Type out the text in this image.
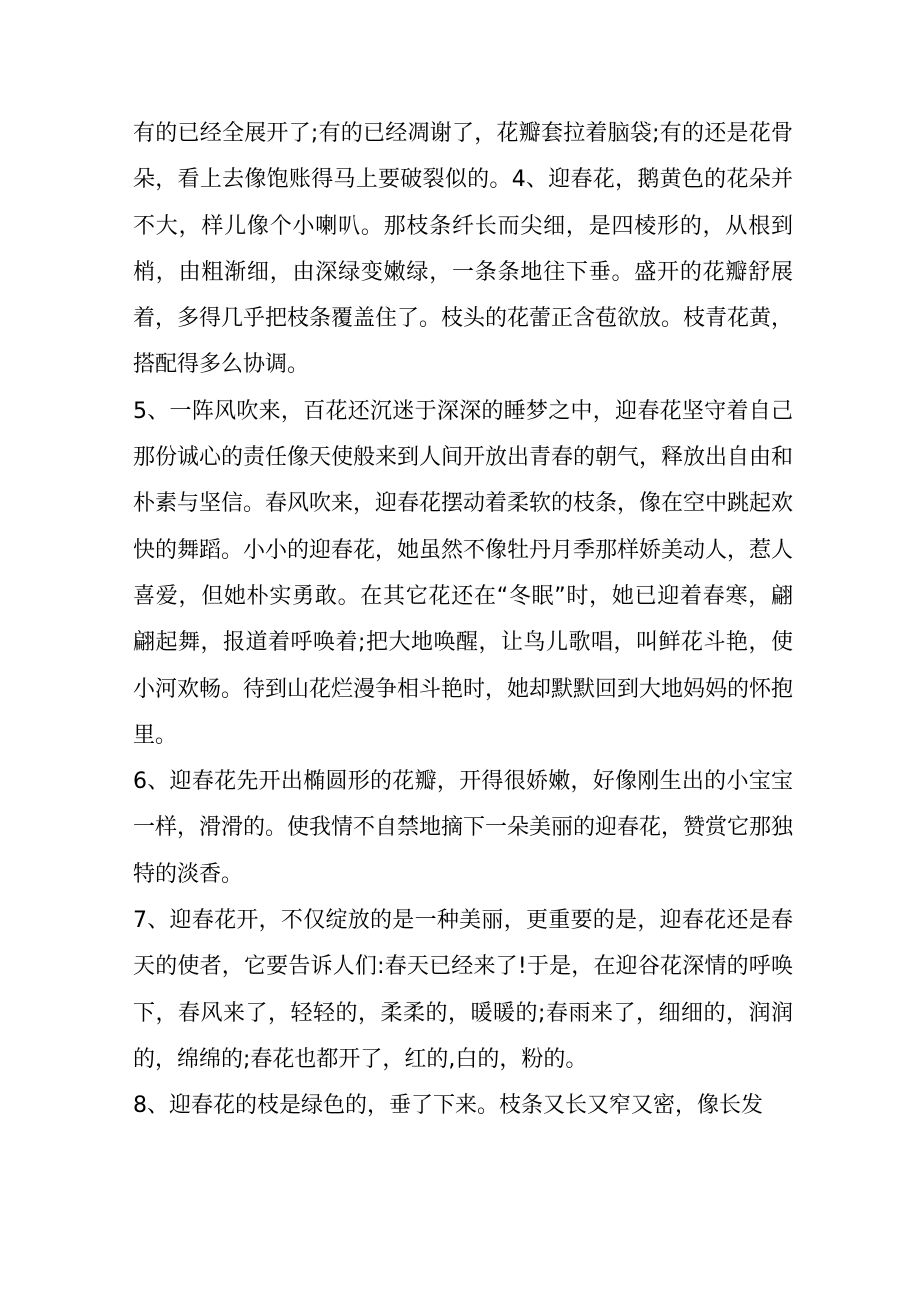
有的已经全展开了;有的已经凋谢了，花瓣套拉着脑袋;有的还是花骨朵，看上去像饱账得马上要破裂似的。4、迎春花，鹅黄色的花朵并不大，样儿像个小喇叭。那枝条纤长而尖细，是四棱形的，从根到梢，由粗渐细，由深绿变嫩绿，一条条地往下垂。盛开的花瓣舒展着，多得几乎把枝条覆盖住了。枝头的花蕾正含苞欲放。枝青花黄，搭配得多么协调。

5、一阵风吹来，百花还沉迷于深深的睡梦之中，迎春花坚守着自己那份诚心的责任像天使般来到人间开放出青春的朝气，释放出自由和朴素与坚信。春风吹来，迎春花摆动着柔软的枝条，像在空中跳起欢快的舞蹈。小小的迎春花，她虽然不像牡丹月季那样娇美动人，惹人喜爱，但她朴实勇敢。在其它花还在“冬眠”时，她已迎着春寒，翩翩起舞，报道着呼唤着;把大地唤醒，让鸟儿歌唱，叫鲜花斗艳，使小河欢畅。待到山花烂漫争相斗艳时，她却默默回到大地妈妈的怀抱里。

6、迎春花先开出椭圆形的花瓣，开得很娇嫩，好像刚生出的小宝宝一样，滑滑的。使我情不自禁地摘下一朵美丽的迎春花，赞赏它那独特的淡香。

7、迎春花开，不仅绽放的是一种美丽，更重要的是，迎春花还是春天的使者，它要告诉人们:春天已经来了!于是，在迎谷花深情的呼唤下，春风来了，轻轻的，柔柔的，暖暖的;春雨来了，细细的，润润的，绵绵的;春花也都开了，红的,白的，粉的。

8、迎春花的枝是绿色的，垂了下来。枝条又长又窄又密，像长发
